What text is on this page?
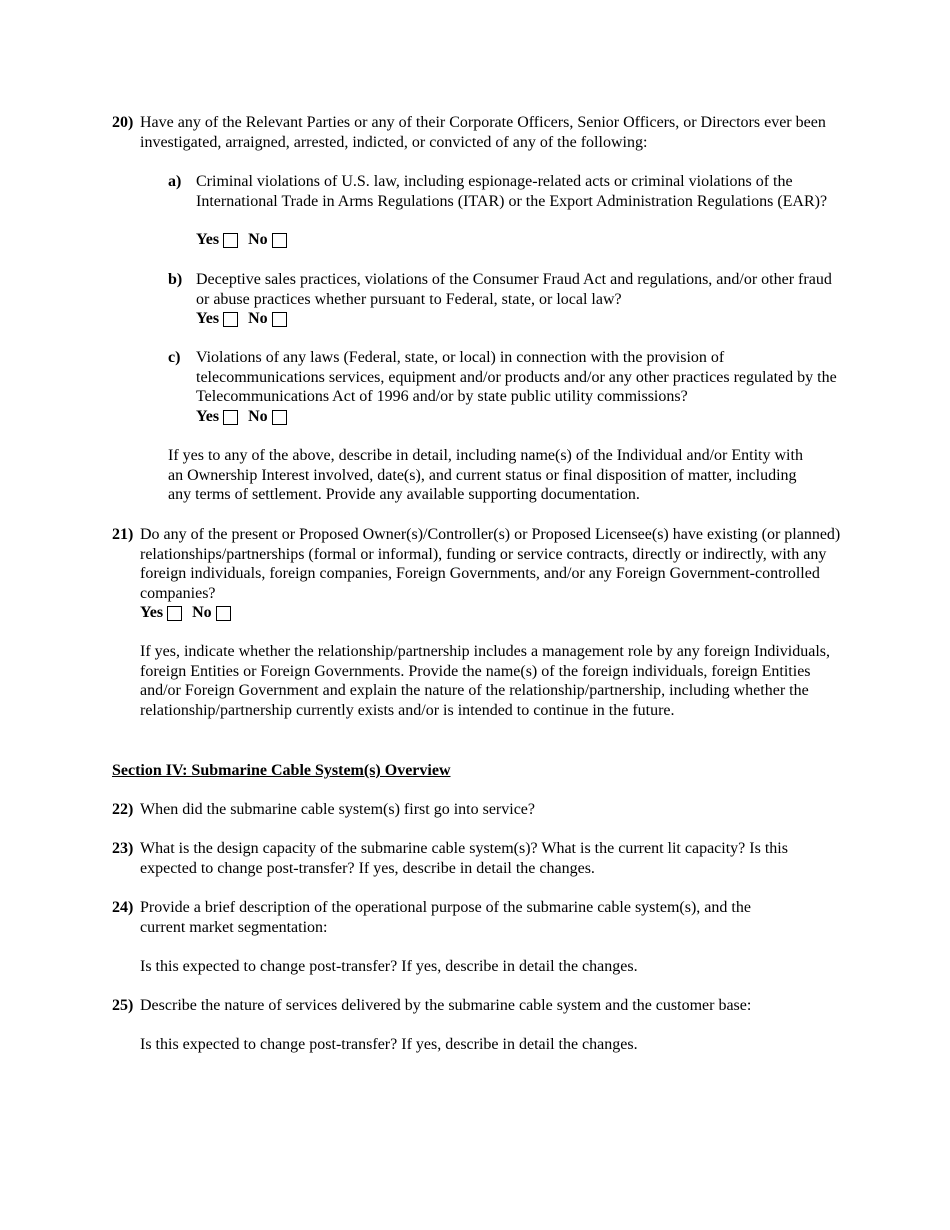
20) Have any of the Relevant Parties or any of their Corporate Officers, Senior Officers, or Directors ever been investigated, arraigned, arrested, indicted, or convicted of any of the following:
a) Criminal violations of U.S. law, including espionage-related acts or criminal violations of the International Trade in Arms Regulations (ITAR) or the Export Administration Regulations (EAR)?
Yes No
b) Deceptive sales practices, violations of the Consumer Fraud Act and regulations, and/or other fraud or abuse practices whether pursuant to Federal, state, or local law?
Yes No
c) Violations of any laws (Federal, state, or local) in connection with the provision of telecommunications services, equipment and/or products and/or any other practices regulated by the Telecommunications Act of 1996 and/or by state public utility commissions?
Yes No
If yes to any of the above, describe in detail, including name(s) of the Individual and/or Entity with an Ownership Interest involved, date(s), and current status or final disposition of matter, including any terms of settlement. Provide any available supporting documentation.
21) Do any of the present or Proposed Owner(s)/Controller(s) or Proposed Licensee(s) have existing (or planned) relationships/partnerships (formal or informal), funding or service contracts, directly or indirectly, with any foreign individuals, foreign companies, Foreign Governments, and/or any Foreign Government-controlled companies?
Yes No
If yes, indicate whether the relationship/partnership includes a management role by any foreign Individuals, foreign Entities or Foreign Governments. Provide the name(s) of the foreign individuals, foreign Entities and/or Foreign Government and explain the nature of the relationship/partnership, including whether the relationship/partnership currently exists and/or is intended to continue in the future.
Section IV: Submarine Cable System(s) Overview
22) When did the submarine cable system(s) first go into service?
23) What is the design capacity of the submarine cable system(s)? What is the current lit capacity? Is this expected to change post-transfer? If yes, describe in detail the changes.
24) Provide a brief description of the operational purpose of the submarine cable system(s), and the current market segmentation:
Is this expected to change post-transfer? If yes, describe in detail the changes.
25) Describe the nature of services delivered by the submarine cable system and the customer base:
Is this expected to change post-transfer? If yes, describe in detail the changes.
